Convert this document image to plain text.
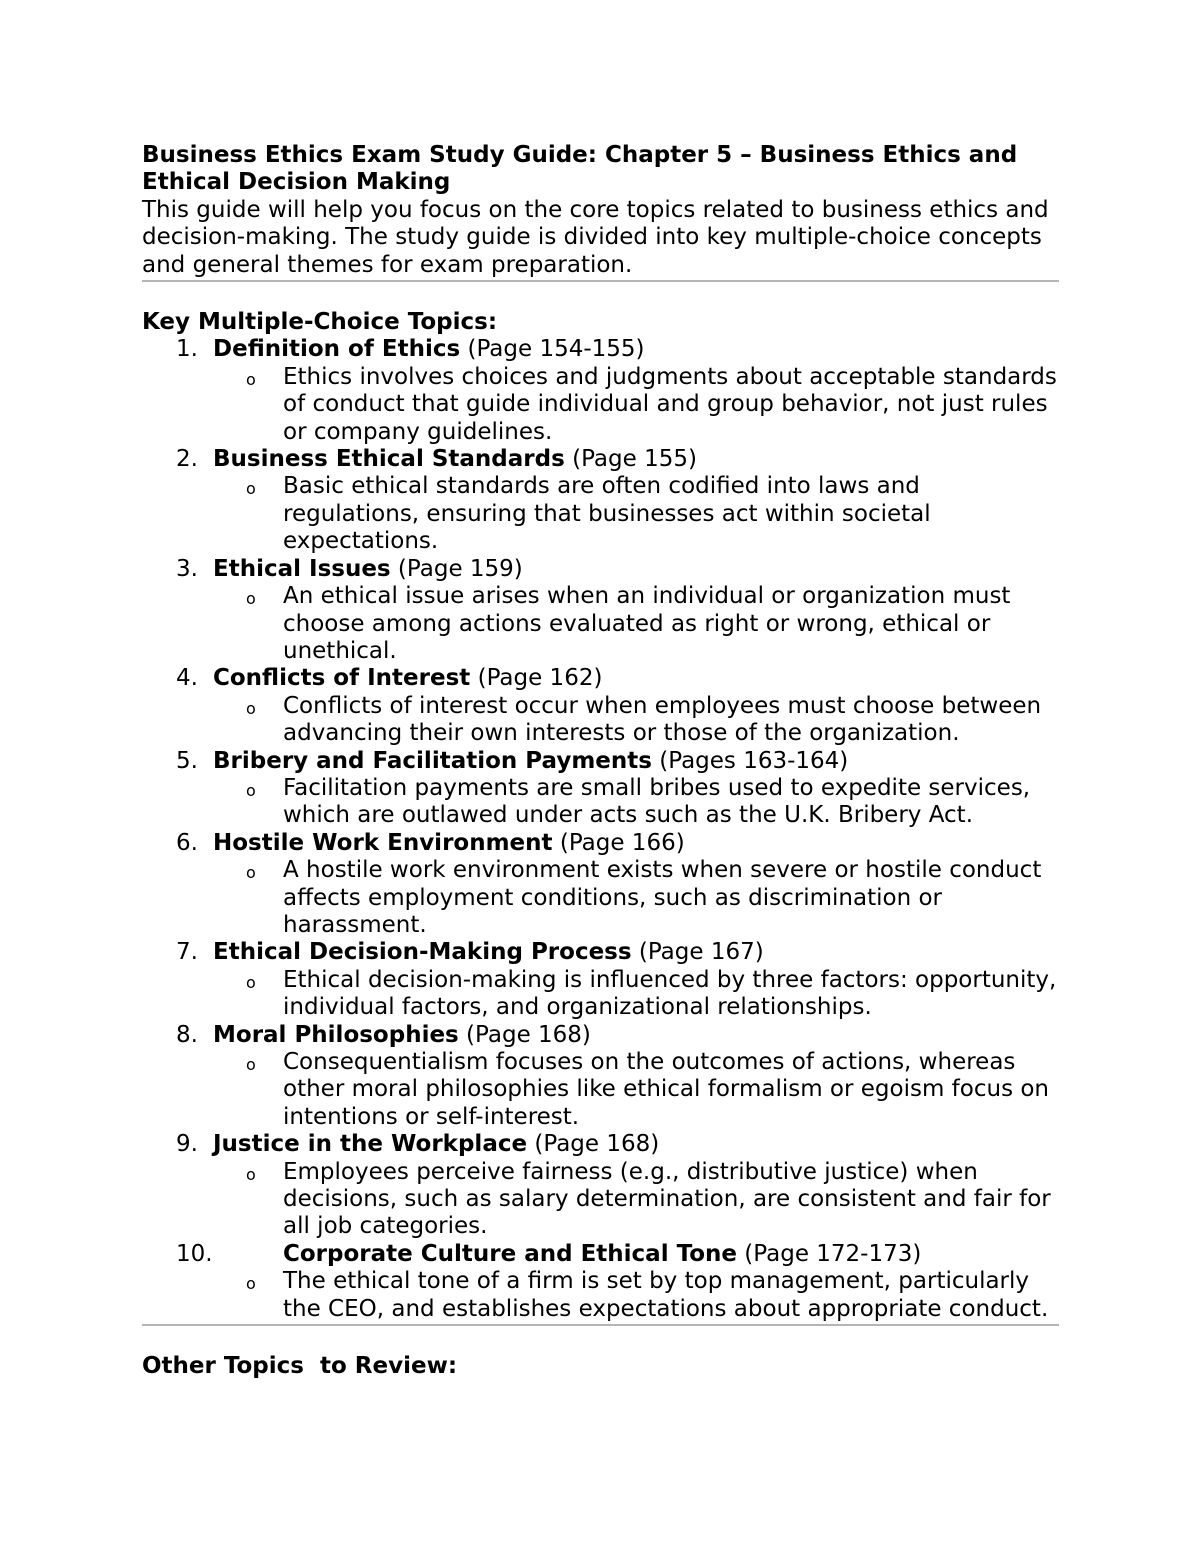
Business Ethics Exam Study Guide: Chapter 5 – Business Ethics and Ethical Decision Making

This guide will help you focus on the core topics related to business ethics and decision-making. The study guide is divided into key multiple-choice concepts and general themes for exam preparation.

Key Multiple-Choice Topics:

1. Definition of Ethics (Page 154-155)
o Ethics involves choices and judgments about acceptable standards of conduct that guide individual and group behavior, not just rules or company guidelines.
2. Business Ethical Standards (Page 155)
o Basic ethical standards are often codified into laws and regulations, ensuring that businesses act within societal expectations.
3. Ethical Issues (Page 159)
o An ethical issue arises when an individual or organization must choose among actions evaluated as right or wrong, ethical or unethical.
4. Conflicts of Interest (Page 162)
o Conflicts of interest occur when employees must choose between advancing their own interests or those of the organization.
5. Bribery and Facilitation Payments (Pages 163-164)
o Facilitation payments are small bribes used to expedite services, which are outlawed under acts such as the U.K. Bribery Act.
6. Hostile Work Environment (Page 166)
o A hostile work environment exists when severe or hostile conduct affects employment conditions, such as discrimination or harassment.
7. Ethical Decision-Making Process (Page 167)
o Ethical decision-making is influenced by three factors: opportunity, individual factors, and organizational relationships.
8. Moral Philosophies (Page 168)
o Consequentialism focuses on the outcomes of actions, whereas other moral philosophies like ethical formalism or egoism focus on intentions or self-interest.
9. Justice in the Workplace (Page 168)
o Employees perceive fairness (e.g., distributive justice) when decisions, such as salary determination, are consistent and fair for all job categories.
10.	Corporate Culture and Ethical Tone (Page 172-173)
o The ethical tone of a firm is set by top management, particularly the CEO, and establishes expectations about appropriate conduct.

Other Topics  to Review:
